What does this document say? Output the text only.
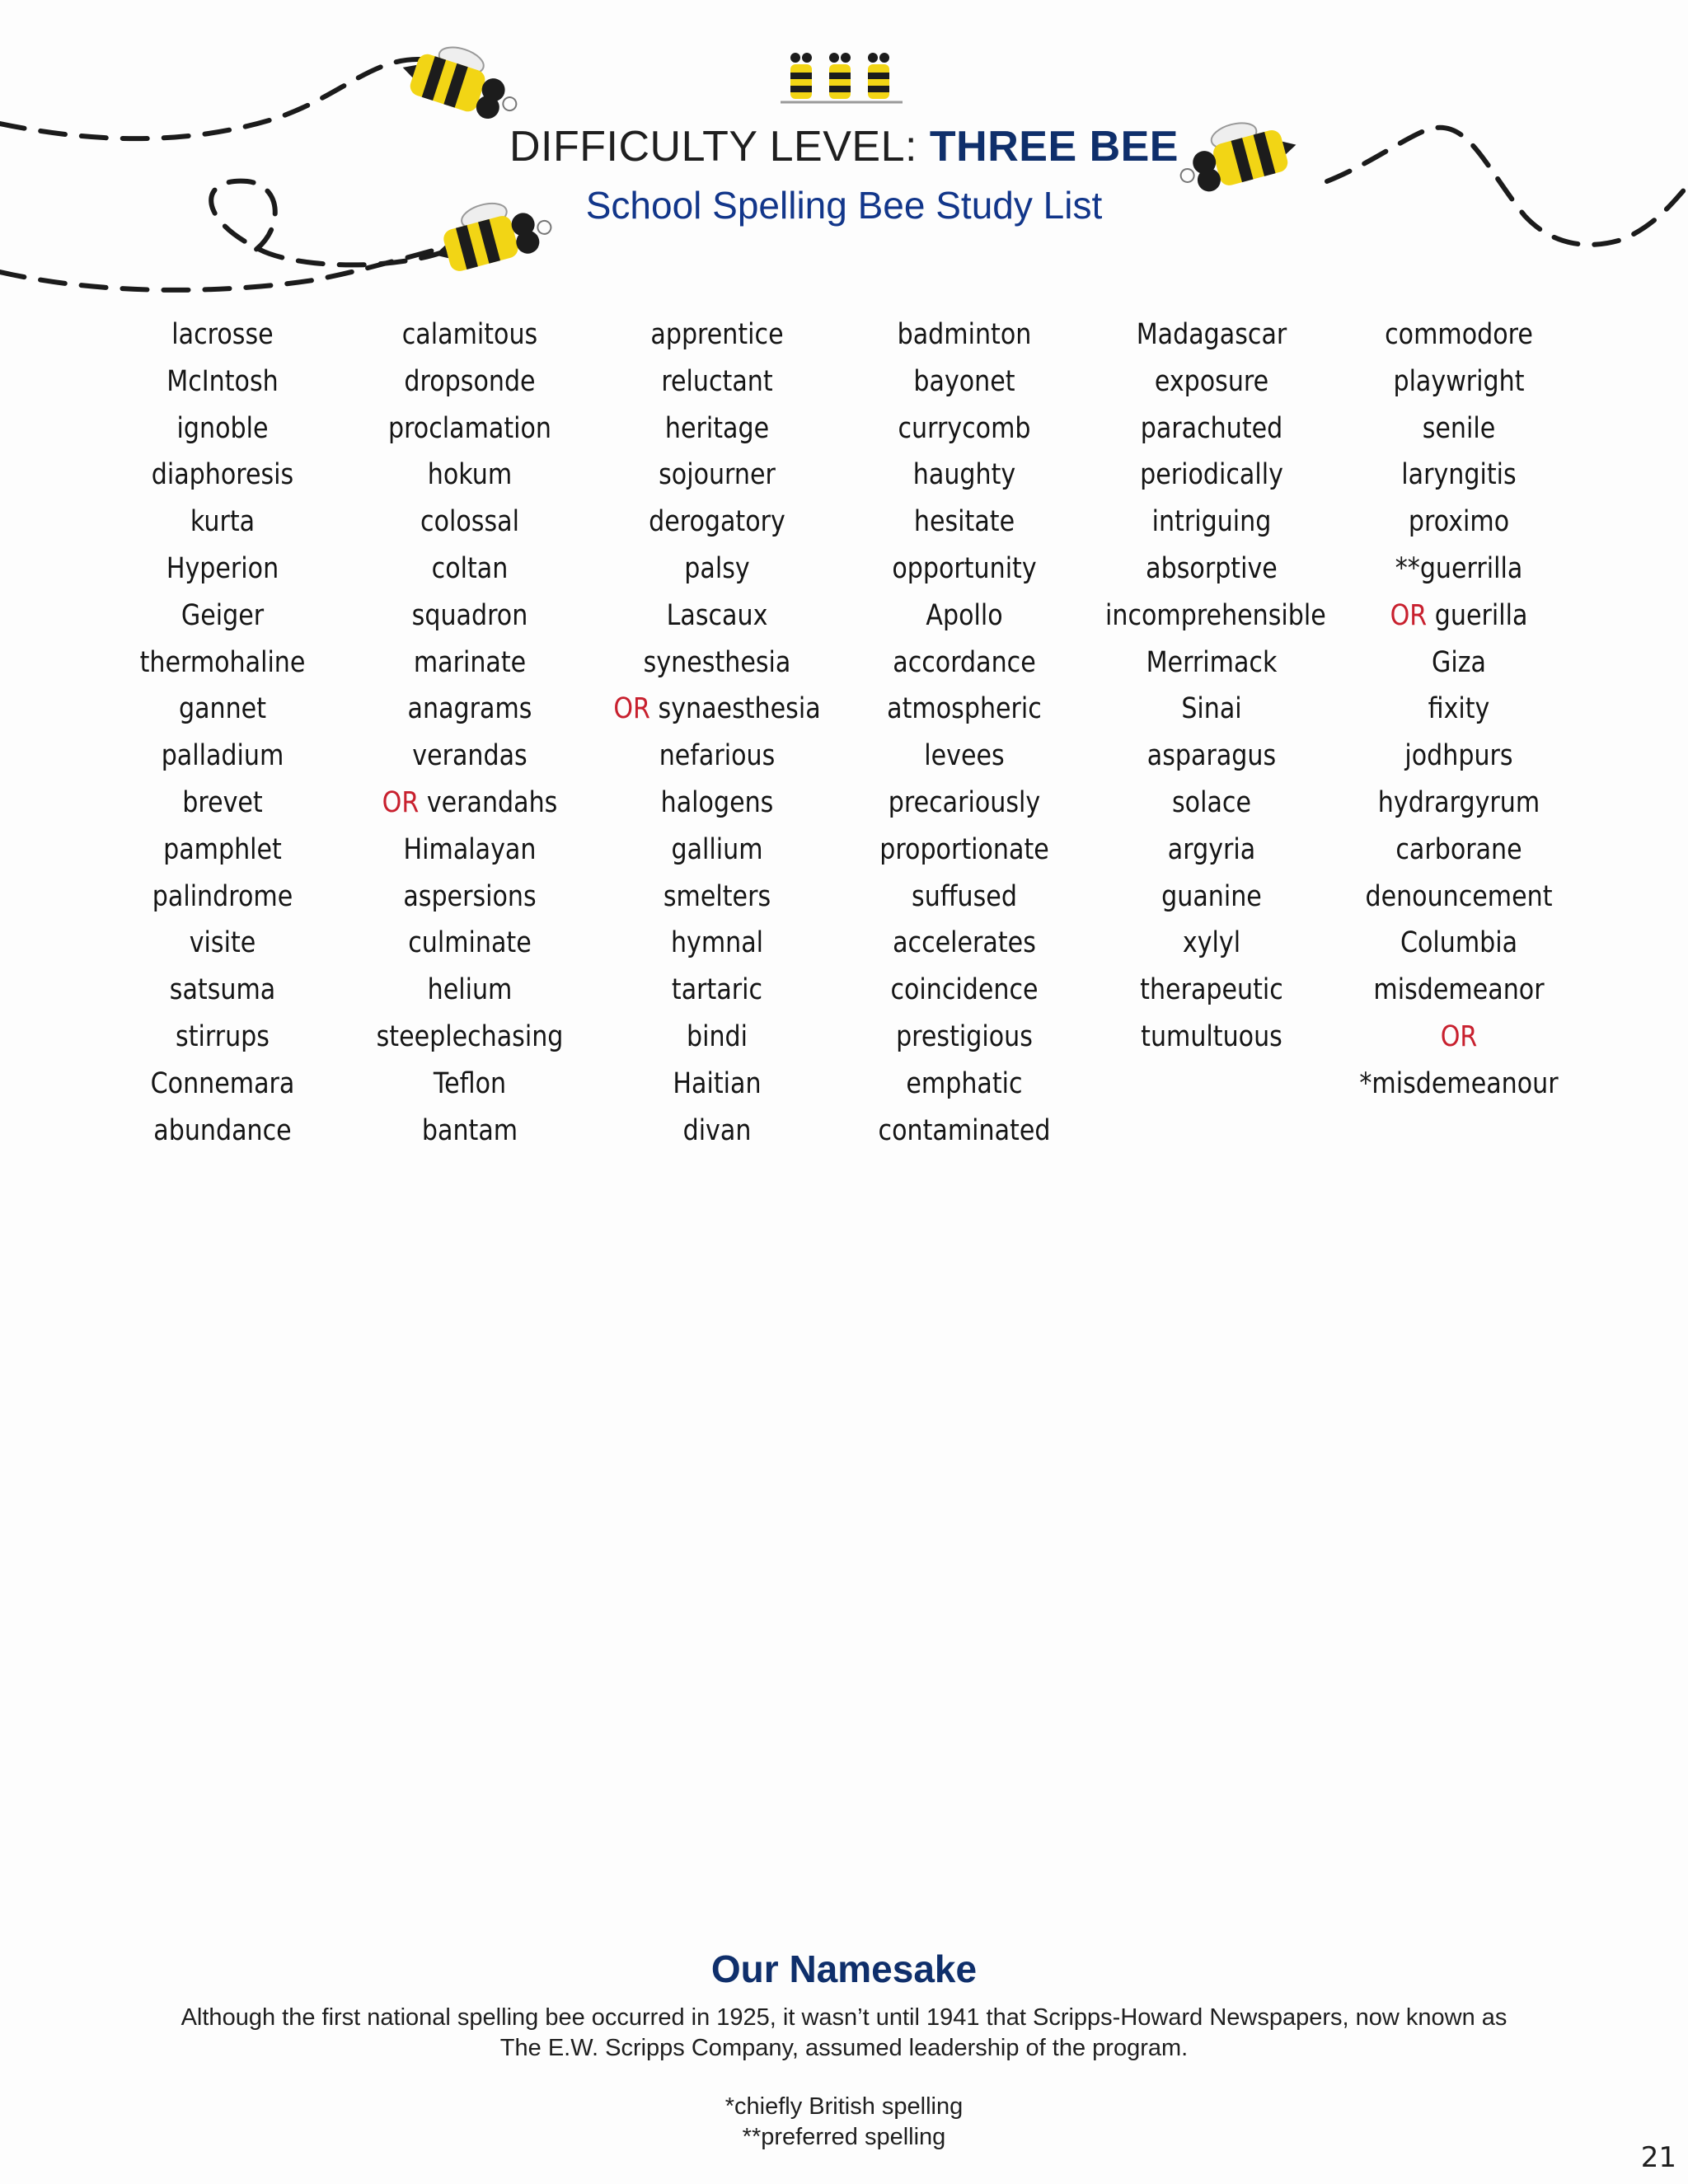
DIFFICULTY LEVEL: THREE BEE
School Spelling Bee Study List
lacrosse
McIntosh
ignoble
diaphoresis
kurta
Hyperion
Geiger
thermohaline
gannet
palladium
brevet
pamphlet
palindrome
visite
satsuma
stirrups
Connemara
abundance
calamitous
dropsonde
proclamation
hokum
colossal
coltan
squadron
marinate
anagrams
verandas
OR verandahs
Himalayan
aspersions
culminate
helium
steeplechasing
Teflon
bantam
apprentice
reluctant
heritage
sojourner
derogatory
palsy
Lascaux
synesthesia
OR synaesthesia
nefarious
halogens
gallium
smelters
hymnal
tartaric
bindi
Haitian
divan
badminton
bayonet
currycomb
haughty
hesitate
opportunity
Apollo
accordance
atmospheric
levees
precariously
proportionate
suffused
accelerates
coincidence
prestigious
emphatic
contaminated
Madagascar
exposure
parachuted
periodically
intriguing
absorptive
incomprehensible
Merrimack
Sinai
asparagus
solace
argyria
guanine
xylyl
therapeutic
tumultuous
commodore
playwright
senile
laryngitis
proximo
**guerrilla
OR guerilla
Giza
fixity
jodhpurs
hydrargyrum
carborane
denouncement
Columbia
misdemeanor
OR
*misdemeanour
Our Namesake
Although the first national spelling bee occurred in 1925, it wasn’t until 1941 that Scripps-Howard Newspapers, now known as
The E.W. Scripps Company, assumed leadership of the program.
*chiefly British spelling
**preferred spelling
21
